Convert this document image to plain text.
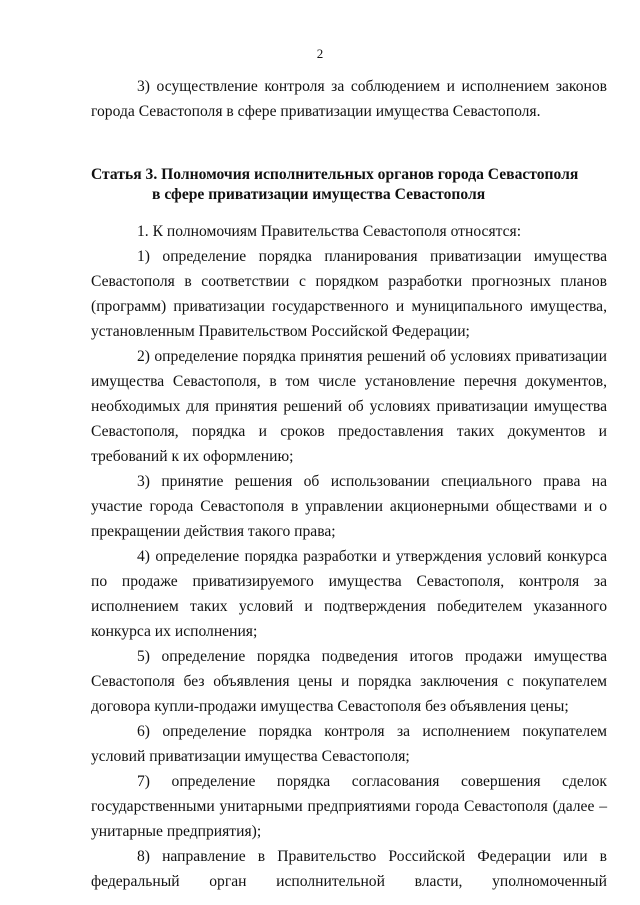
2

3) осуществление контроля за соблюдением и исполнением законов города Севастополя в сфере приватизации имущества Севастополя.

Статья 3. Полномочия исполнительных органов города Севастополя
в сфере приватизации имущества Севастополя

1. К полномочиям Правительства Севастополя относятся:

1) определение порядка планирования приватизации имущества Севастополя в соответствии с порядком разработки прогнозных планов (программ) приватизации государственного и муниципального имущества, установленным Правительством Российской Федерации;

2) определение порядка принятия решений об условиях приватизации имущества Севастополя, в том числе установление перечня документов, необходимых для принятия решений об условиях приватизации имущества Севастополя, порядка и сроков предоставления таких документов и требований к их оформлению;

3) принятие решения об использовании специального права на участие города Севастополя в управлении акционерными обществами и о прекращении действия такого права;

4) определение порядка разработки и утверждения условий конкурса по продаже приватизируемого имущества Севастополя, контроля за исполнением таких условий и подтверждения победителем указанного конкурса их исполнения;

5) определение порядка подведения итогов продажи имущества Севастополя без объявления цены и порядка заключения с покупателем договора купли-продажи имущества Севастополя без объявления цены;

6) определение порядка контроля за исполнением покупателем условий приватизации имущества Севастополя;

7) определение порядка согласования совершения сделок государственными унитарными предприятиями города Севастополя (далее – унитарные предприятия);

8) направление в Правительство Российской Федерации или в федеральный орган исполнительной власти, уполномоченный
